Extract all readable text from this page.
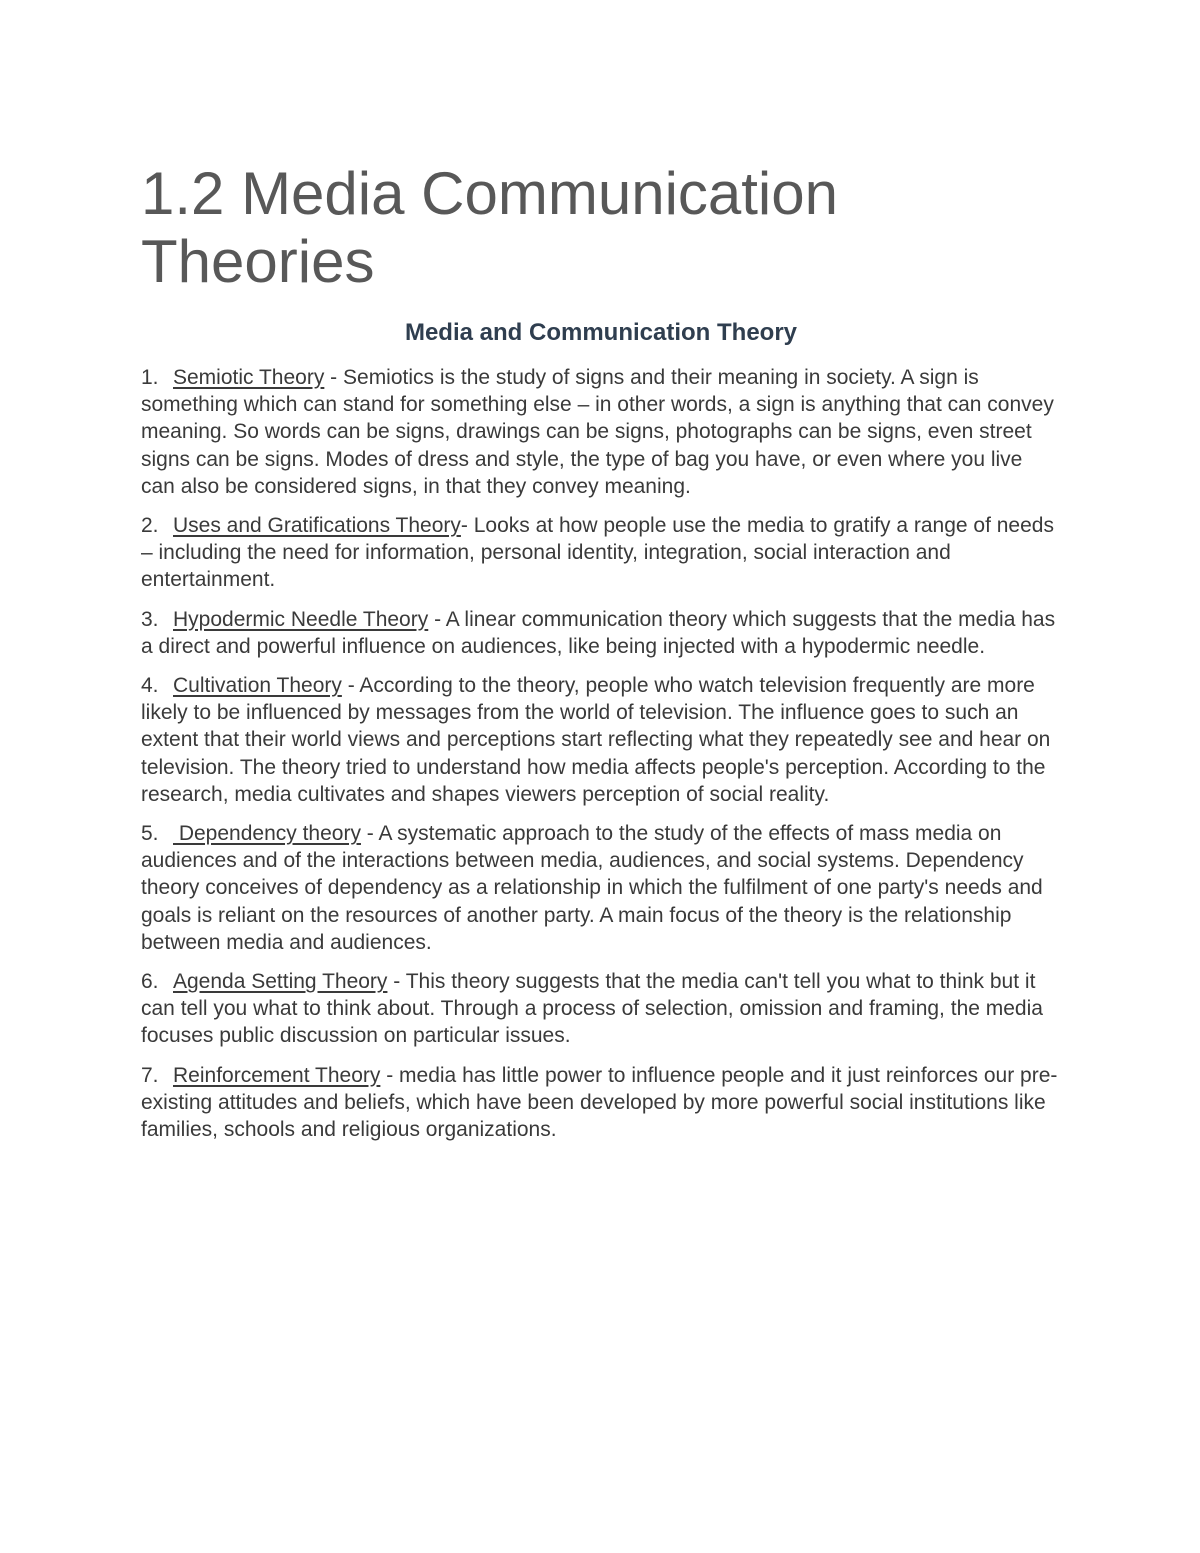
1.2 Media Communication
Theories
Media and Communication Theory

1. Semiotic Theory - Semiotics is the study of signs and their meaning in society. A sign is something which can stand for something else – in other words, a sign is anything that can convey meaning. So words can be signs, drawings can be signs, photographs can be signs, even street signs can be signs. Modes of dress and style, the type of bag you have, or even where you live can also be considered signs, in that they convey meaning.

2. Uses and Gratifications Theory- Looks at how people use the media to gratify a range of needs – including the need for information, personal identity, integration, social interaction and entertainment.

3. Hypodermic Needle Theory - A linear communication theory which suggests that the media has a direct and powerful influence on audiences, like being injected with a hypodermic needle.

4. Cultivation Theory - According to the theory, people who watch television frequently are more likely to be influenced by messages from the world of television. The influence goes to such an extent that their world views and perceptions start reflecting what they repeatedly see and hear on television. The theory tried to understand how media affects people's perception. According to the research, media cultivates and shapes viewers perception of social reality.

5. Dependency theory - A systematic approach to the study of the effects of mass media on audiences and of the interactions between media, audiences, and social systems. Dependency theory conceives of dependency as a relationship in which the fulfilment of one party's needs and goals is reliant on the resources of another party. A main focus of the theory is the relationship between media and audiences.

6. Agenda Setting Theory - This theory suggests that the media can't tell you what to think but it can tell you what to think about. Through a process of selection, omission and framing, the media focuses public discussion on particular issues.

7. Reinforcement Theory - media has little power to influence people and it just reinforces our pre-existing attitudes and beliefs, which have been developed by more powerful social institutions like families, schools and religious organizations.
